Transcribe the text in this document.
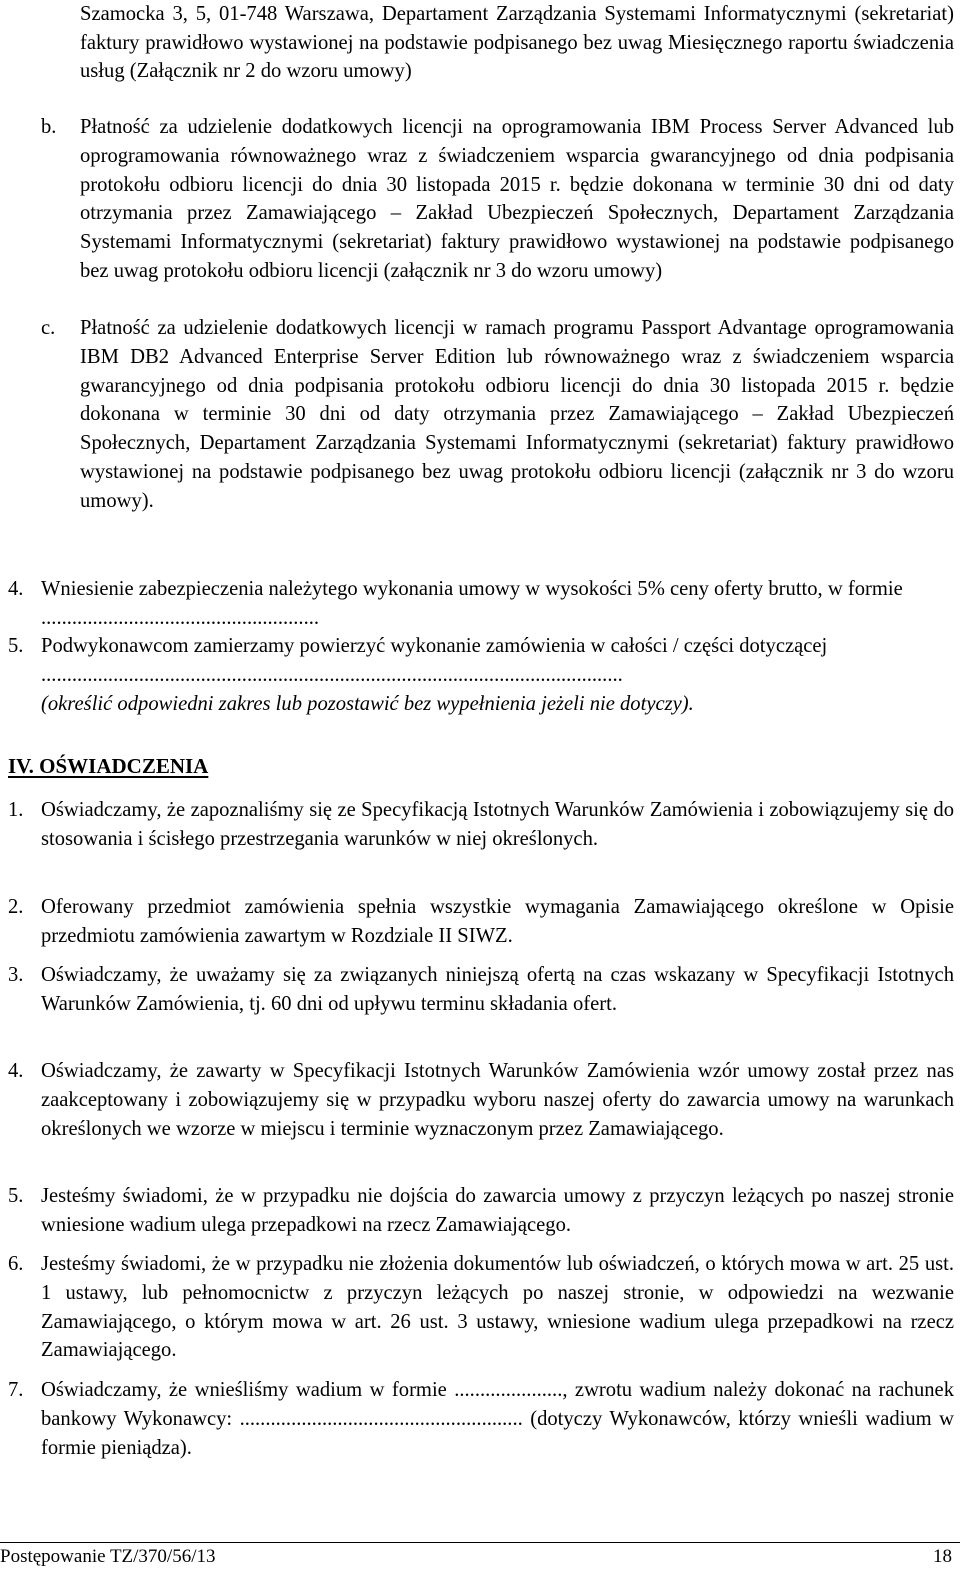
Szamocka 3, 5, 01-748 Warszawa, Departament Zarządzania Systemami Informatycznymi (sekretariat) faktury prawidłowo wystawionej na podstawie podpisanego bez uwag Miesięcznego raportu świadczenia usług (Załącznik nr 2 do wzoru umowy)

b. Płatność za udzielenie dodatkowych licencji na oprogramowania IBM Process Server Advanced lub oprogramowania równoważnego wraz z świadczeniem wsparcia gwarancyjnego od dnia podpisania protokołu odbioru licencji do dnia 30 listopada 2015 r. będzie dokonana w terminie 30 dni od daty otrzymania przez Zamawiającego – Zakład Ubezpieczeń Społecznych, Departament Zarządzania Systemami Informatycznymi (sekretariat) faktury prawidłowo wystawionej na podstawie podpisanego bez uwag protokołu odbioru licencji (załącznik nr 3 do wzoru umowy)
c. Płatność za udzielenie dodatkowych licencji w ramach programu Passport Advantage oprogramowania IBM DB2 Advanced Enterprise Server Edition lub równoważnego wraz z świadczeniem wsparcia gwarancyjnego od dnia podpisania protokołu odbioru licencji do dnia 30 listopada 2015 r. będzie dokonana w terminie 30 dni od daty otrzymania przez Zamawiającego – Zakład Ubezpieczeń Społecznych, Departament Zarządzania Systemami Informatycznymi (sekretariat) faktury prawidłowo wystawionej na podstawie podpisanego bez uwag protokołu odbioru licencji (załącznik nr 3 do wzoru umowy).
4. Wniesienie zabezpieczenia należytego wykonania umowy w wysokości 5% ceny oferty brutto, w formie ......................................................
5. Podwykonawcom zamierzamy powierzyć wykonanie zamówienia w całości / części dotyczącej .................................................................................................................
(określić odpowiedni zakres lub pozostawić bez wypełnienia jeżeli nie dotyczy).
IV. OŚWIADCZENIA
1. Oświadczamy, że zapoznaliśmy się ze Specyfikacją Istotnych Warunków Zamówienia i zobowiązujemy się do stosowania i ścisłego przestrzegania warunków w niej określonych.
2. Oferowany przedmiot zamówienia spełnia wszystkie wymagania Zamawiającego określone w Opisie przedmiotu zamówienia zawartym w Rozdziale II SIWZ.
3. Oświadczamy, że uważamy się za związanych niniejszą ofertą na czas wskazany w Specyfikacji Istotnych Warunków Zamówienia, tj. 60 dni od upływu terminu składania ofert.
4. Oświadczamy, że zawarty w Specyfikacji Istotnych Warunków Zamówienia wzór umowy został przez nas zaakceptowany i zobowiązujemy się w przypadku wyboru naszej oferty do zawarcia umowy na warunkach określonych we wzorze w miejscu i terminie wyznaczonym przez Zamawiającego.
5. Jesteśmy świadomi, że w przypadku nie dojścia do zawarcia umowy z przyczyn leżących po naszej stronie wniesione wadium ulega przepadkowi na rzecz Zamawiającego.
6. Jesteśmy świadomi, że w przypadku nie złożenia dokumentów lub oświadczeń, o których mowa w art. 25 ust. 1 ustawy, lub pełnomocnictw z przyczyn leżących po naszej stronie, w odpowiedzi na wezwanie Zamawiającego, o którym mowa w art. 26 ust. 3 ustawy, wniesione wadium ulega przepadkowi na rzecz Zamawiającego.
7. Oświadczamy, że wnieśliśmy wadium w formie ....................., zwrotu wadium należy dokonać na rachunek bankowy Wykonawcy: ....................................................... (dotyczy Wykonawców, którzy wnieśli wadium w formie pieniądza).
Postępowanie TZ/370/56/13	18
